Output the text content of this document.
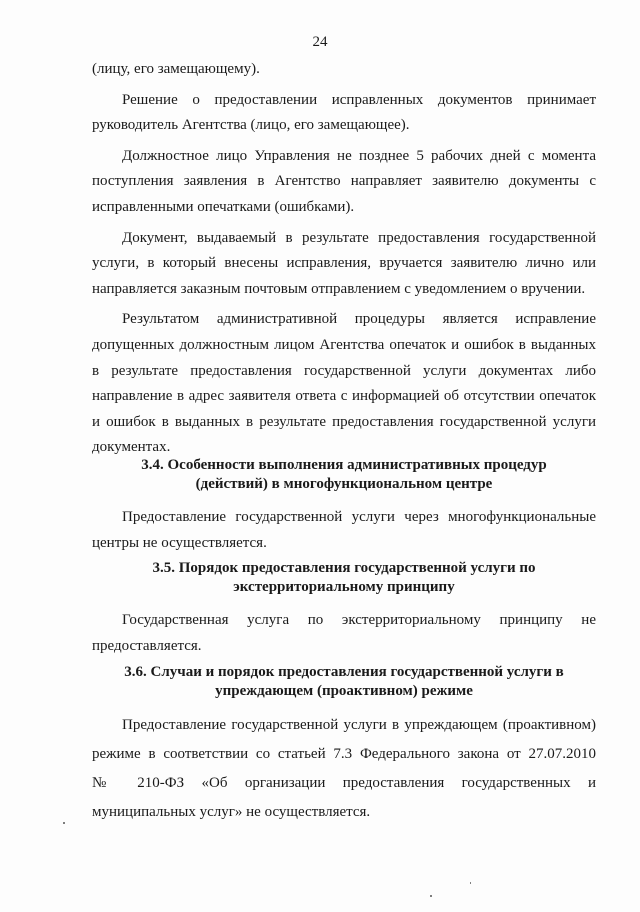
24

(лицу, его замещающему).

Решение о предоставлении исправленных документов принимает руководитель Агентства (лицо, его замещающее).

Должностное лицо Управления не позднее 5 рабочих дней с момента поступления заявления в Агентство направляет заявителю документы с исправленными опечатками (ошибками).

Документ, выдаваемый в результате предоставления государственной услуги, в который внесены исправления, вручается заявителю лично или направляется заказным почтовым отправлением с уведомлением о вручении.

Результатом административной процедуры является исправление допущенных должностным лицом Агентства опечаток и ошибок в выданных в результате предоставления государственной услуги документах либо направление в адрес заявителя ответа с информацией об отсутствии опечаток и ошибок в выданных в результате предоставления государственной услуги документах.

3.4. Особенности выполнения административных процедур
(действий) в многофункциональном центре

Предоставление государственной услуги через многофункциональные центры не осуществляется.

3.5. Порядок предоставления государственной услуги по
экстерриториальному принципу
Государственная услуга по экстерриториальному принципу не
предоставляется.
3.6. Случаи и порядок предоставления государственной услуги в
упреждающем (проактивном) режиме
Предоставление государственной услуги в упреждающем (проактивном)
режиме в соответствии со статьей 7.3 Федерального закона от 27.07.2010
№ 210-ФЗ «Об организации предоставления государственных и
муниципальных услуг» не осуществляется.
